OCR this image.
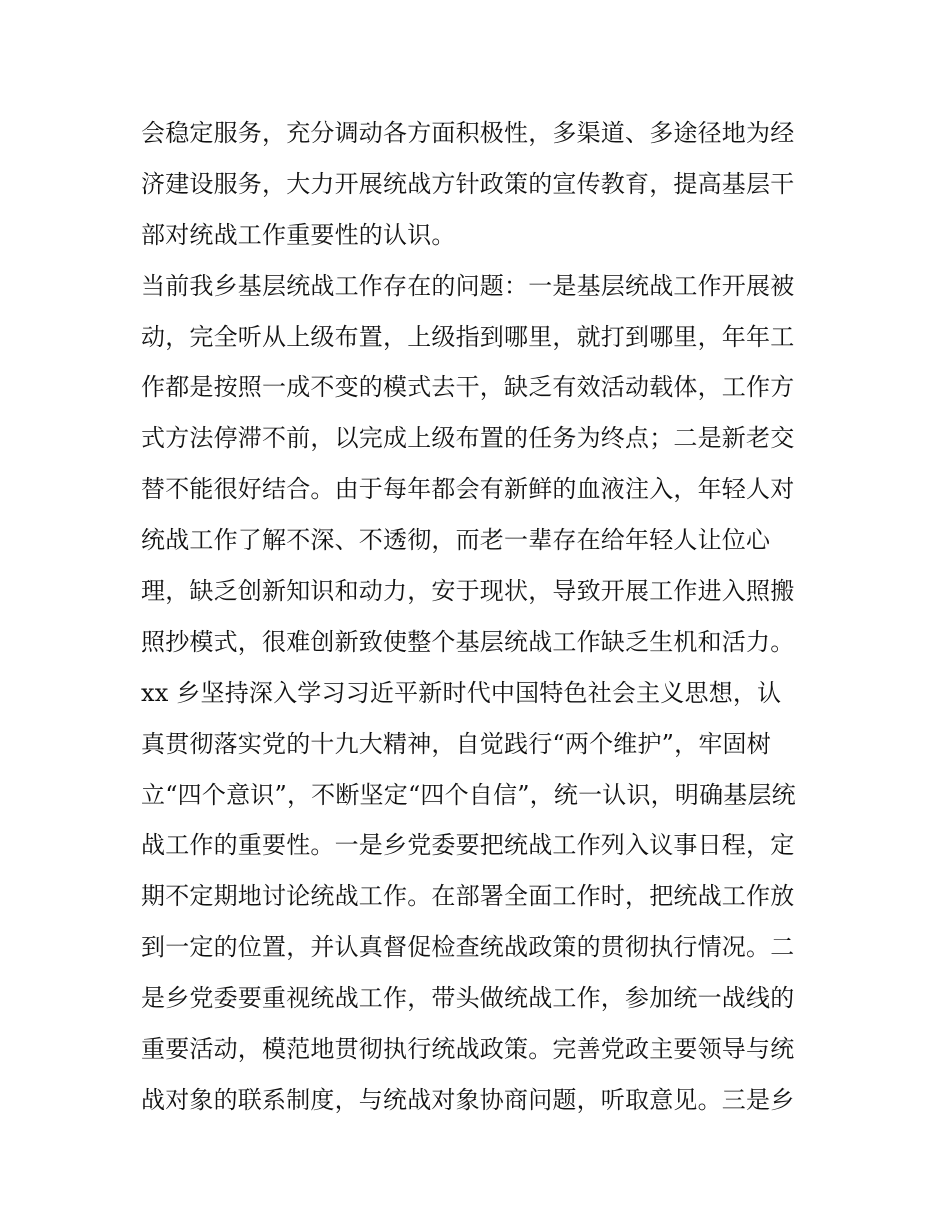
会稳定服务，充分调动各方面积极性，多渠道、多途径地为经
济建设服务，大力开展统战方针政策的宣传教育，提高基层干
部对统战工作重要性的认识。
当前我乡基层统战工作存在的问题：一是基层统战工作开展被
动，完全听从上级布置，上级指到哪里，就打到哪里，年年工
作都是按照一成不变的模式去干，缺乏有效活动载体，工作方
式方法停滞不前，以完成上级布置的任务为终点；二是新老交
替不能很好结合。由于每年都会有新鲜的血液注入，年轻人对
统战工作了解不深、不透彻，而老一辈存在给年轻人让位心
理，缺乏创新知识和动力，安于现状，导致开展工作进入照搬
照抄模式，很难创新致使整个基层统战工作缺乏生机和活力。
xx 乡坚持深入学习习近平新时代中国特色社会主义思想，认
真贯彻落实党的十九大精神，自觉践行“两个维护”，牢固树
立“四个意识”，不断坚定“四个自信”，统一认识，明确基层统
战工作的重要性。一是乡党委要把统战工作列入议事日程，定
期不定期地讨论统战工作。在部署全面工作时，把统战工作放
到一定的位置，并认真督促检查统战政策的贯彻执行情况。二
是乡党委要重视统战工作，带头做统战工作，参加统一战线的
重要活动，模范地贯彻执行统战政策。完善党政主要领导与统
战对象的联系制度，与统战对象协商问题，听取意见。三是乡
